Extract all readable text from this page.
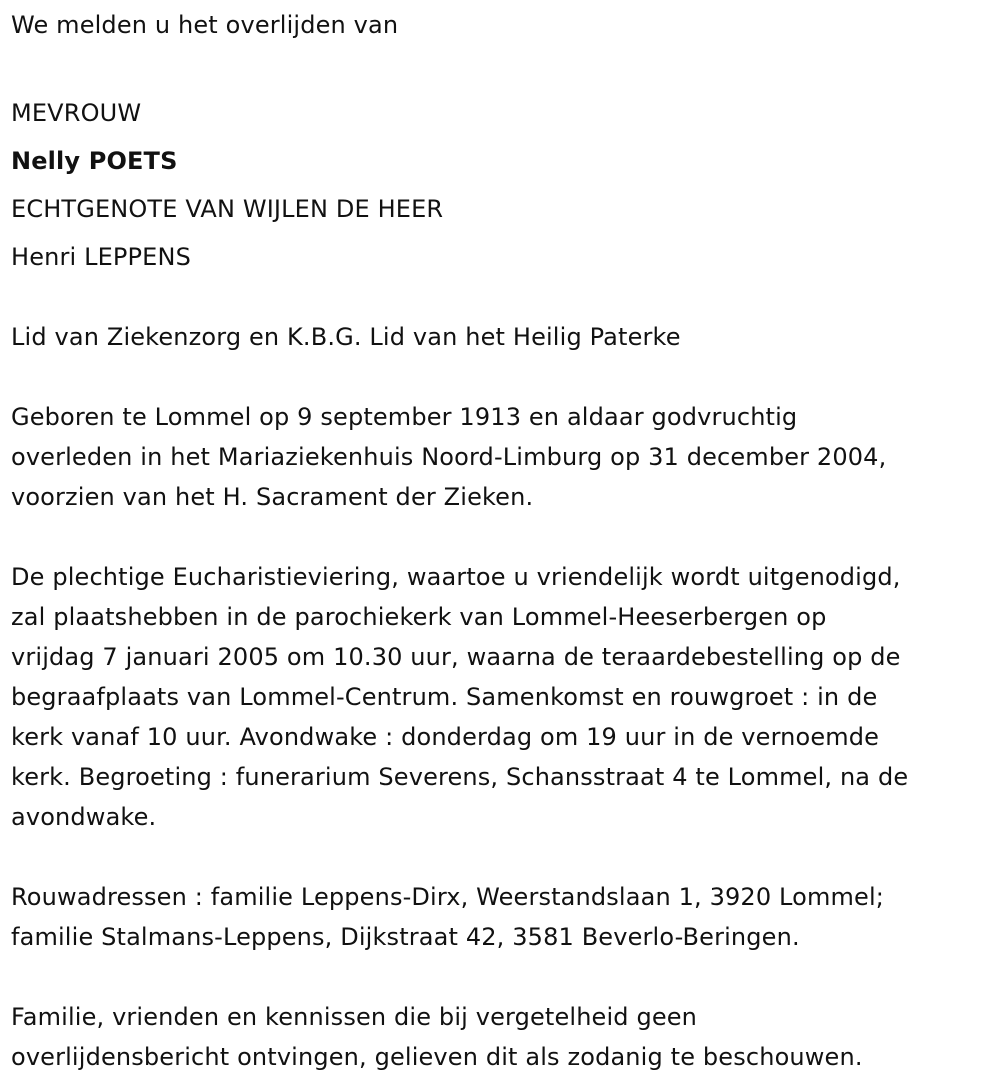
We melden u het overlijden van
MEVROUW
Nelly POETS
ECHTGENOTE VAN WIJLEN DE HEER
Henri LEPPENS
Lid van Ziekenzorg en K.B.G. Lid van het Heilig Paterke
Geboren te Lommel op 9 september 1913 en aldaar godvruchtig
overleden in het Mariaziekenhuis Noord-Limburg op 31 december 2004,
voorzien van het H. Sacrament der Zieken.
De plechtige Eucharistieviering, waartoe u vriendelijk wordt uitgenodigd,
zal plaatshebben in de parochiekerk van Lommel-Heeserbergen op
vrijdag 7 januari 2005 om 10.30 uur, waarna de teraardebestelling op de
begraafplaats van Lommel-Centrum. Samenkomst en rouwgroet : in de
kerk vanaf 10 uur. Avondwake : donderdag om 19 uur in de vernoemde
kerk. Begroeting : funerarium Severens, Schansstraat 4 te Lommel, na de
avondwake.
Rouwadressen : familie Leppens-Dirx, Weerstandslaan 1, 3920 Lommel;
familie Stalmans-Leppens, Dijkstraat 42, 3581 Beverlo-Beringen.
Familie, vrienden en kennissen die bij vergetelheid geen
overlijdensbericht ontvingen, gelieven dit als zodanig te beschouwen.
